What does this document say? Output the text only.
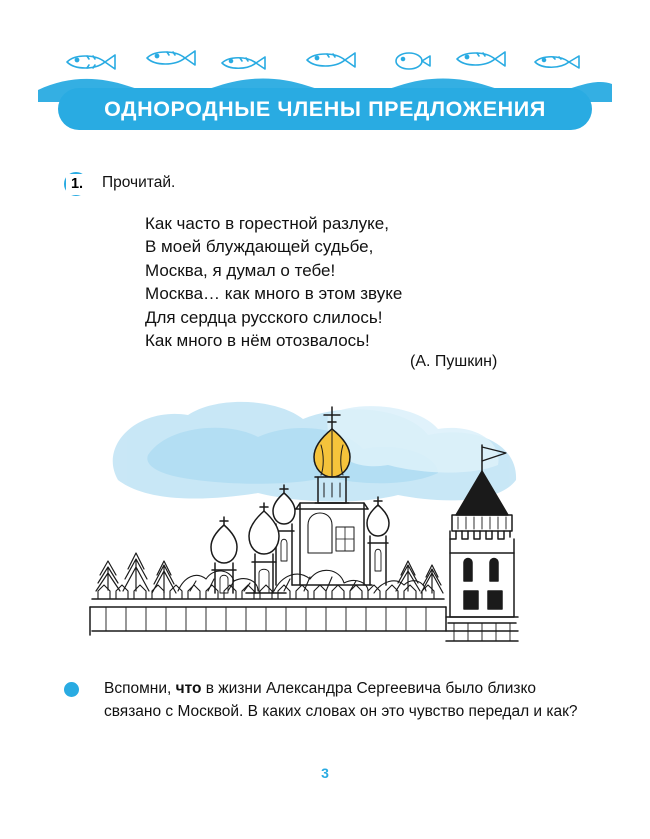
ОДНОРОДНЫЕ ЧЛЕНЫ ПРЕДЛОЖЕНИЯ
1.	Прочитай.
Как часто в горестной разлуке,
В моей блуждающей судьбе,
Москва, я думал о тебе!
Москва… как много в этом звуке
Для сердца русского слилось!
Как много в нём отозвалось!
(А. Пушкин)
Вспомни, что в жизни Александра Сергеевича было близко связано с Москвой. В каких словах он это чувство передал и как?
3
